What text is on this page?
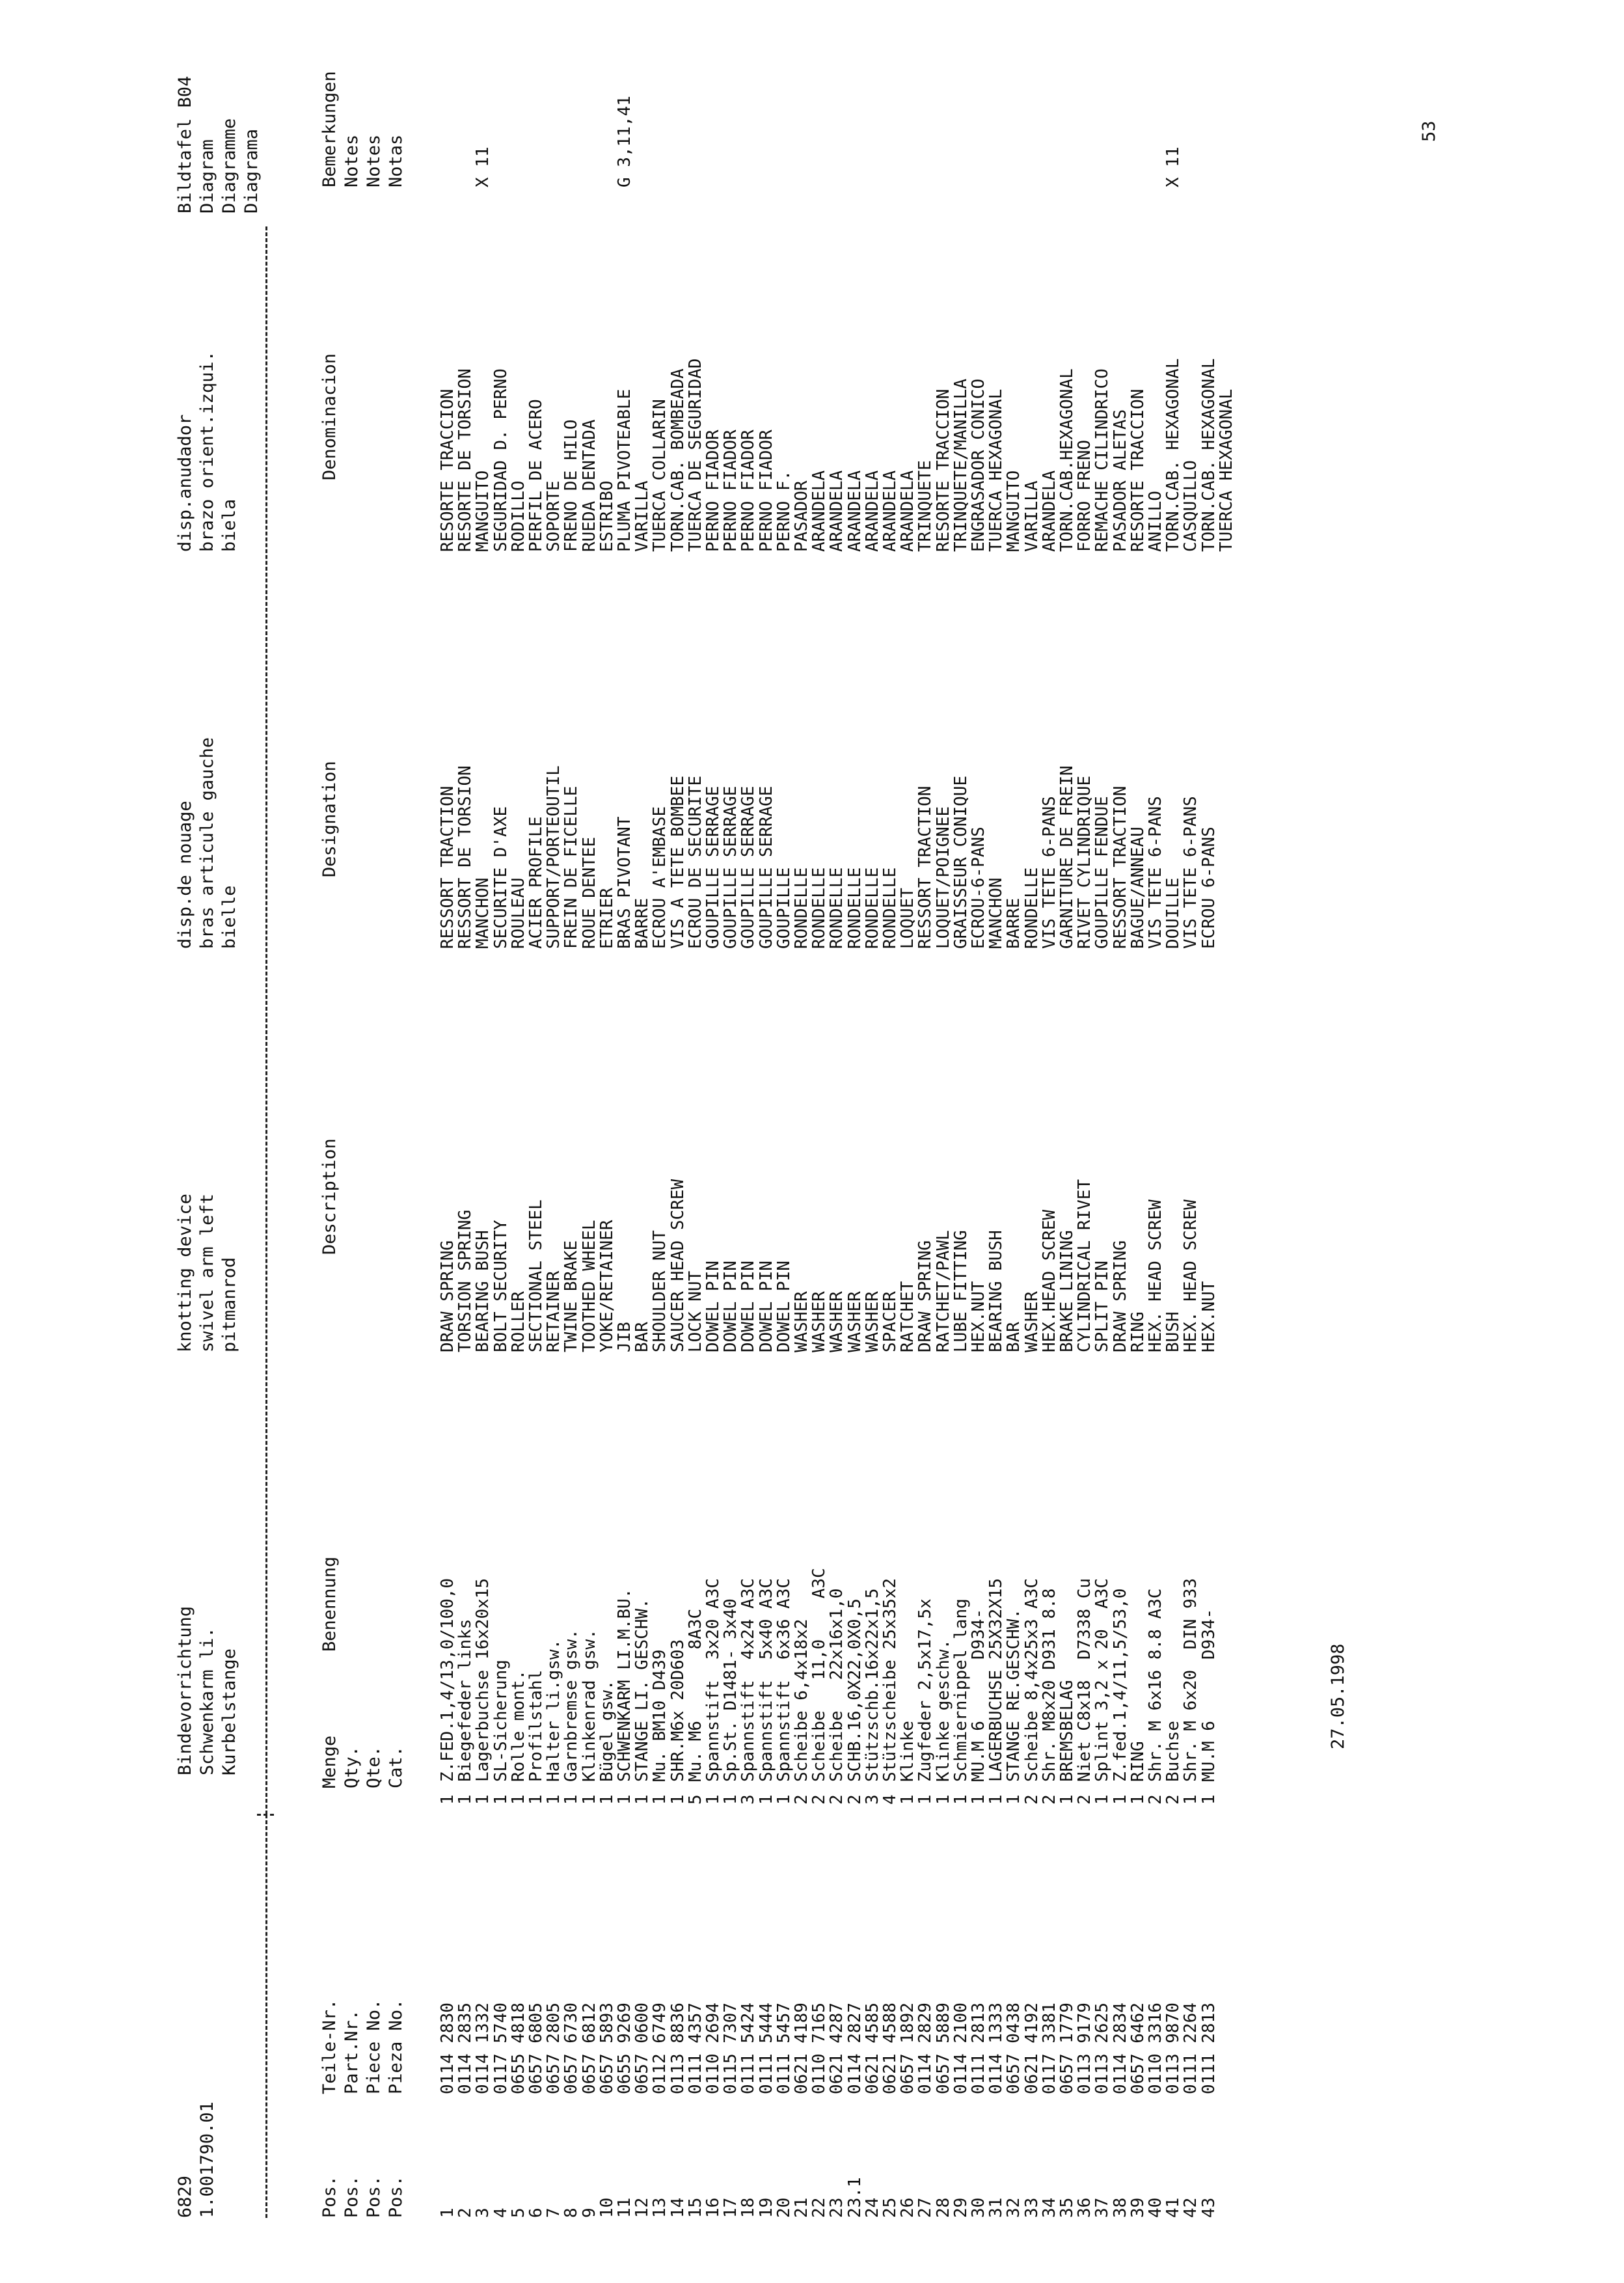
6829 1.001790.01
Bindevorrichtung Schwenkarm li. Kurbelstange
knotting device swivel arm left pitmanrod
disp.de nouage bras articule gauche bielle
disp.anudador brazo orient.izqui. biela
Bildtafel B04 Diagram Diagramme Diagrama
Pos. Pos. Pos. Pos.
Teile-Nr. Part.Nr. Piece No. Pieza No.
Menge Qty. Qte. Cat.
Benennung
Description
Designation
Denominacion
Bemerkungen Notes Notes Notas
1
0114 2830
1
Z.FED.1,4/13,0/100,0
DRAW SPRING
RESSORT TRACTION
RESORTE TRACCION
2
0114 2835
1
Biegefeder links
TORSION SPRING
RESSORT DE TORSION
RESORTE DE TORSION
3
0114 1332
1
Lagerbuchse 16x20x15
BEARING BUSH
MANCHON
MANGUITO
X 11
4
0117 5740
1
SL-Sicherung
BOLT SECURITY
SECURITE D'AXE
SEGURIDAD D. PERNO
5
0655 4818
1
Rolle mont.
ROLLER
ROULEAU
RODILLO
6
0657 6805
1
Profilstahl
SECTIONAL STEEL
ACIER PROFILE
PERFIL DE ACERO
7
0657 2805
1
Halter li.gsw.
RETAINER
SUPPORT/PORTEOUTIL
SOPORTE
8
0657 6730
1
Garnbremse gsw.
TWINE BRAKE
FREIN DE FICELLE
FRENO DE HILO
9
0657 6812
1
Klinkenrad gsw.
TOOTHED WHEEL
ROUE DENTEE
RUEDA DENTADA
10
0657 5893
1
Bügel gsw.
YOKE/RETAINER
ETRIER
ESTRIBO
11
0655 9269
1
SCHWENKARM LI.M.BU.
JIB
BRAS PIVOTANT
PLUMA PIVOTEABLE
G 3,11,41
12
0657 0600
1
STANGE LI. GESCHW.
BAR
BARRE
VARILLA
13
0112 6749
1
Mu. BM10 D439
SHOULDER NUT
ECROU A'EMBASE
TUERCA COLLARIN
14
0113 8836
1
SHR.M6x 20D603
SAUCER HEAD SCREW
VIS A TETE BOMBEE
TORN.CAB. BOMBEADA
15
0111 4357
5
Mu. M6       8A3C
LOCK NUT
ECROU DE SECURITE
TUERCA DE SEGURIDAD
16
0110 2694
1
Spannstift  3x20 A3C
DOWEL PIN
GOUPILLE SERRAGE
PERNO FIADOR
17
0115 7307
1
Sp.St. D1481- 3x40
DOWEL PIN
GOUPILLE SERRAGE
PERNO FIADOR
18
0111 5424
3
Spannstift  4x24 A3C
DOWEL PIN
GOUPILLE SERRAGE
PERNO FIADOR
19
0111 5444
1
Spannstift  5x40 A3C
DOWEL PIN
GOUPILLE SERRAGE
PERNO FIADOR
20
0111 5457
1
Spannstift  6x36 A3C
DOWEL PIN
GOUPILLE
PERNO F.
21
0621 4189
2
Scheibe 6,4x18x2
WASHER
RONDELLE
PASADOR
22
0110 7165
2
Scheibe   11,0    A3C
WASHER
RONDELLE
ARANDELA
23
0621 4287
2
Scheibe   22x16x1,0
WASHER
RONDELLE
ARANDELA
23.1
0114 2827
2
SCHB.16,0X22,0X0,5
WASHER
RONDELLE
ARANDELA
24
0621 4585
3
Stützschb.16x22x1,5
WASHER
RONDELLE
ARANDELA
25
0621 4588
4
Stützscheibe 25x35x2
SPACER
RONDELLE
ARANDELA
26
0657 1892
1
Klinke
RATCHET
LOQUET
ARANDELA
27
0114 2829
1
Zugfeder 2,5x17,5x
DRAW SPRING
RESSORT TRACTION
TRINQUETE
28
0657 5889
1
Klinke geschw.
RATCHET/PAWL
LOQUET/POIGNEE
RESORTE TRACCION
29
0114 2100
1
Schmiernippel lang
LUBE FITTING
GRAISSEUR CONIQUE
TRINQUETE/MANILLA
30
0111 2813
1
MU.M 6      D934-
HEX.NUT
ECROU-6-PANS
ENGRASADOR CONICO
31
0114 1333
1
LAGERBUCHSE 25X32X15
BEARING BUSH
MANCHON
TUERCA HEXAGONAL
32
0657 0438
1
STANGE RE.GESCHW.
BAR
BARRE
MANGUITO
33
0621 4192
2
Scheibe 8,4x25x3 A3C
WASHER
RONDELLE
VARILLA
34
0117 3381
2
Shr. M8x20 D931 8.8
HEX.HEAD SCREW
VIS TETE 6-PANS
ARANDELA
35
0657 1779
1
BREMSBELAG
BRAKE LINING
GARNITURE DE FREIN
TORN.CAB.HEXAGONAL
36
0113 9179
2
Niet C8x18  D7338 Cu
CYLINDRICAL RIVET
RIVET CYLINDRIQUE
FORRO FRENO
37
0113 2625
1
Splint 3,2 x 20  A3C
SPLIT PIN
GOUPILLE FENDUE
REMACHE CILINDRICO
38
0114 2834
1
Z.fed.1,4/11,5/53,0
DRAW SPRING
RESSORT TRACTION
PASADOR ALETAS
39
0657 6462
1
RING
RING
BAGUE/ANNEAU
RESORTE TRACCION
40
0110 3316
2
Shr. M 6x16 8.8 A3C
HEX. HEAD SCREW
VIS TETE 6-PANS
ANILLO
41
0113 9870
2
Buchse
BUSH
DOUILLE
TORN.CAB. HEXAGONAL
X 11
42
0111 2264
1
Shr. M 6x20  DIN 933
HEX. HEAD SCREW
VIS TETE 6-PANS
CASQUILLO
43
0111 2813
1
MU.M 6      D934-
HEX.NUT
ECROU 6-PANS
TORN.CAB. HEXAGONAL
TUERCA HEXAGONAL
27.05.1998
53
